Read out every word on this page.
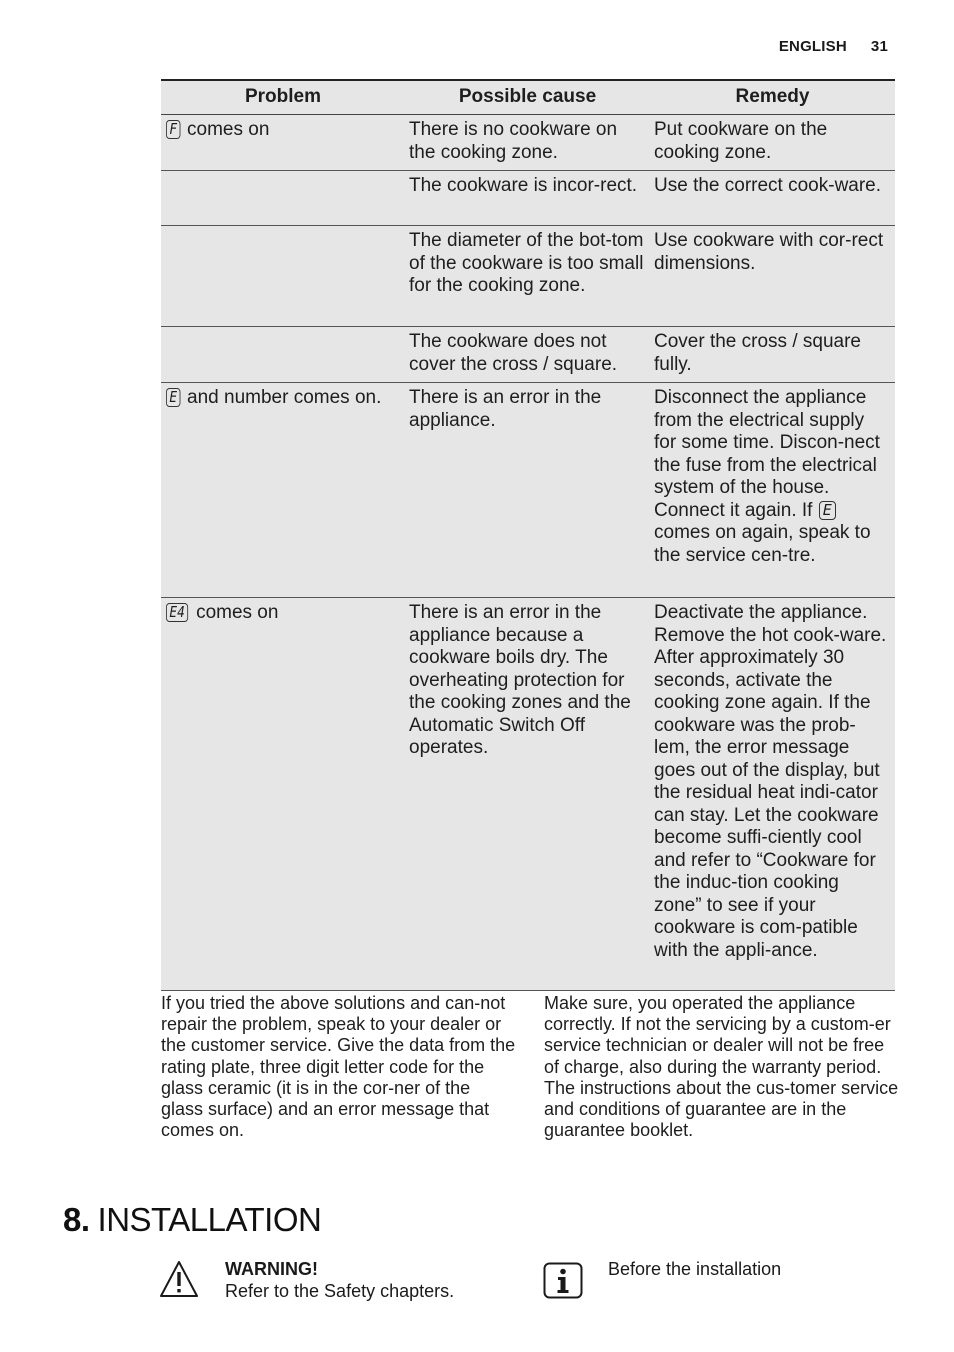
ENGLISH 31
Problem	Possible cause	Remedy
F comes on	There is no cookware on the cooking zone.	Put cookware on the cooking zone.
	The cookware is incor-rect.	Use the correct cook-ware.
	The diameter of the bot-tom of the cookware is too small for the cooking zone.	Use cookware with cor-rect dimensions.
	The cookware does not cover the cross / square.	Cover the cross / square fully.
E and number comes on.	There is an error in the appliance.	Disconnect the appliance from the electrical supply for some time. Discon-nect the fuse from the electrical system of the house. Connect it again. If E comes on again, speak to the service cen-tre.
E4 comes on	There is an error in the appliance because a cookware boils dry. The overheating protection for the cooking zones and the Automatic Switch Off operates.	Deactivate the appliance. Remove the hot cook-ware. After approximately 30 seconds, activate the cooking zone again. If the cookware was the prob-lem, the error message goes out of the display, but the residual heat indi-cator can stay. Let the cookware become suffi-ciently cool and refer to “Cookware for the induc-tion cooking zone” to see if your cookware is com-patible with the appli-ance.
If you tried the above solutions and can-not repair the problem, speak to your dealer or the customer service. Give the data from the rating plate, three digit letter code for the glass ceramic (it is in the cor-ner of the glass surface) and an error message that comes on.
Make sure, you operated the appliance correctly. If not the servicing by a custom-er service technician or dealer will not be free of charge, also during the warranty period. The instructions about the cus-tomer service and conditions of guarantee are in the guarantee booklet.
8. INSTALLATION
WARNING!
Refer to the Safety chapters.
Before the installation
